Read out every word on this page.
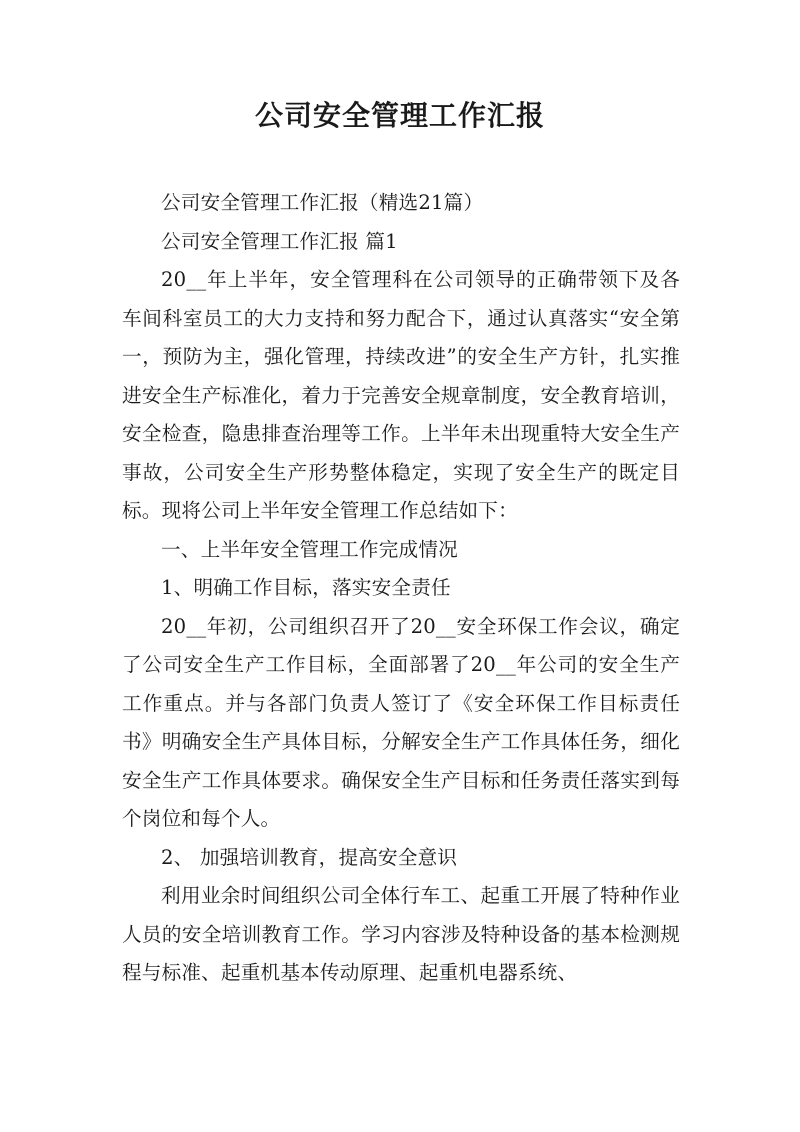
公司安全管理工作汇报

公司安全管理工作汇报（精选21篇）

公司安全管理工作汇报 篇1

20__年上半年，安全管理科在公司领导的正确带领下及各车间科室员工的大力支持和努力配合下，通过认真落实“安全第一，预防为主，强化管理，持续改进”的安全生产方针，扎实推进安全生产标准化，着力于完善安全规章制度，安全教育培训，安全检查，隐患排查治理等工作。上半年未出现重特大安全生产事故，公司安全生产形势整体稳定，实现了安全生产的既定目标。现将公司上半年安全管理工作总结如下：

一、上半年安全管理工作完成情况

1、明确工作目标，落实安全责任

20__年初，公司组织召开了20__安全环保工作会议，确定了公司安全生产工作目标，全面部署了20__年公司的安全生产工作重点。并与各部门负责人签订了《安全环保工作目标责任书》明确安全生产具体目标，分解安全生产工作具体任务，细化安全生产工作具体要求。确保安全生产目标和任务责任落实到每个岗位和每个人。

2、 加强培训教育，提高安全意识

利用业余时间组织公司全体行车工、起重工开展了特种作业人员的安全培训教育工作。学习内容涉及特种设备的基本检测规程与标准、起重机基本传动原理、起重机电器系统、
